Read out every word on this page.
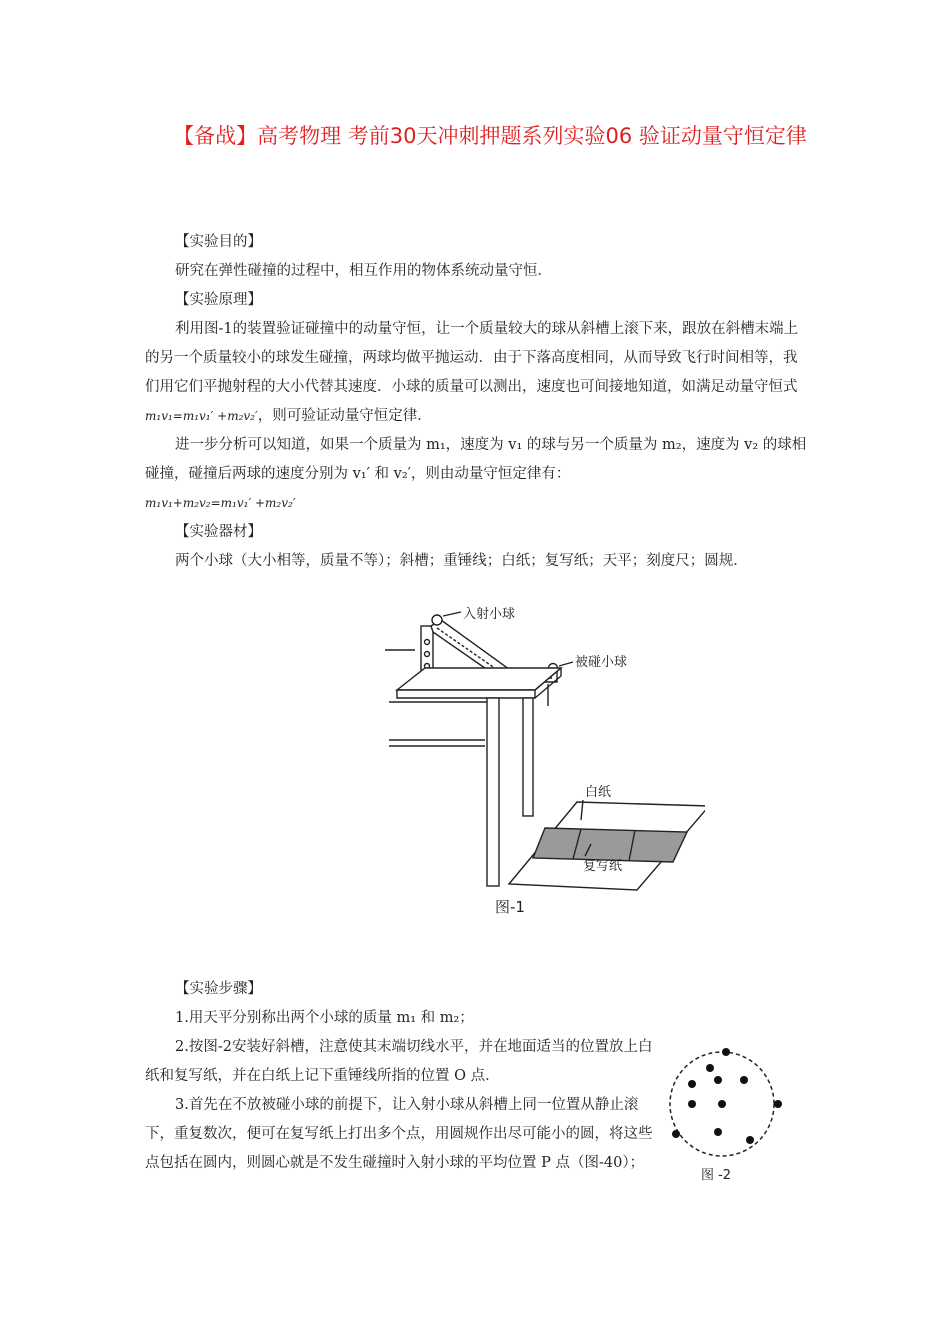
【备战】高考物理 考前30天冲刺押题系列实验06 验证动量守恒定律

【实验目的】

研究在弹性碰撞的过程中，相互作用的物体系统动量守恒．

【实验原理】

利用图-1的装置验证碰撞中的动量守恒，让一个质量较大的球从斜槽上滚下来，跟放在斜槽末端上的另一个质量较小的球发生碰撞，两球均做平抛运动．由于下落高度相同，从而导致飞行时间相等，我们用它们平抛射程的大小代替其速度．小球的质量可以测出，速度也可间接地知道，如满足动量守恒式m₁v₁=m₁v₁′ +m₂v₂′，则可验证动量守恒定律．

进一步分析可以知道，如果一个质量为 m₁，速度为 v₁ 的球与另一个质量为 m₂，速度为 v₂ 的球相碰撞，碰撞后两球的速度分别为 v₁′ 和 v₂′，则由动量守恒定律有：

m₁v₁+m₂v₂=m₁v₁′ +m₂v₂′

【实验器材】

两个小球（大小相等，质量不等）；斜槽；重锤线；白纸；复写纸；天平；刻度尺；圆规．

入射小球
被碰小球
白纸
复写纸
图-1

【实验步骤】

1.用天平分别称出两个小球的质量 m₁ 和 m₂；

2.按图-2安装好斜槽，注意使其末端切线水平，并在地面适当的位置放上白纸和复写纸，并在白纸上记下重锤线所指的位置 O 点．

3.首先在不放被碰小球的前提下，让入射小球从斜槽上同一位置从静止滚下，重复数次，便可在复写纸上打出多个点，用圆规作出尽可能小的圆，将这些点包括在圆内，则圆心就是不发生碰撞时入射小球的平均位置 P 点（图-40）；

图 -2
